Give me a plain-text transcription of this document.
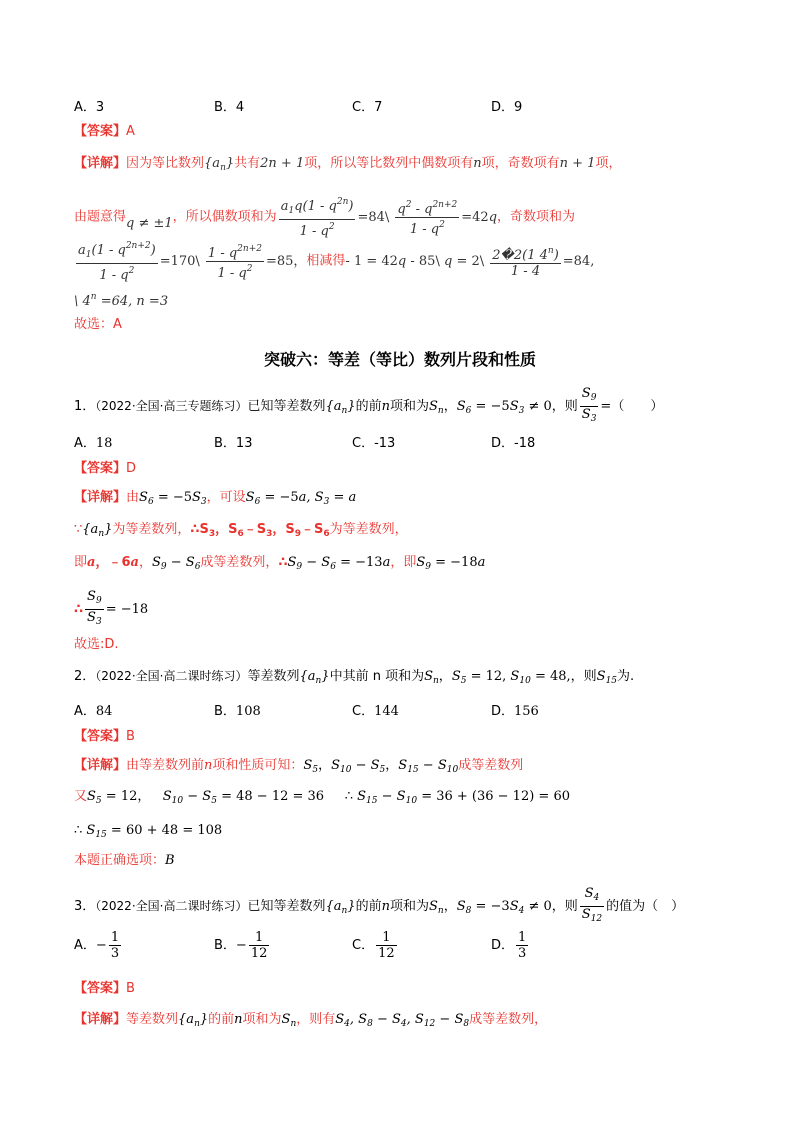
A．3	B．4	C．7	D．9
【答案】A
【详解】因为等比数列$\{a_n\}$共有2n + 1项，所以等比数列中偶数项有n项，奇数项有n + 1项，
由题意得q ≠ ±1，所以偶数项和为 $\frac{a_1q(1 - q^{2n})}{1 - q^2}$ =84\ $\frac{q^2 - q^{2n+2}}{1 - q^2} =42q$，奇数项和为
$\frac{a_1(1 - q^{2n+2})}{1 - q^2}$ =170\ $\frac{1 - q^{2n+2}}{1 - q^2} =85$，相减得- 1 = 42q - 85\ q = 2\ $\frac{2�2(1 4^n)}{1 - 4} =84$,
\ $4^n =64$, n =3
故选：A
突破六：等差（等比）数列片段和性质
1．（2022·全国·高三专题练习）已知等差数列$\{a_n\}$的前n项和为$S_n$，$S_6 = -5S_3 \ne 0$，则 $\frac{S_9}{S_3}$ =（　　）
A．18	B．13	C．-13	D．-18
【答案】D
【详解】由$S_6 = -5S_3$，可设$S_6 = -5a$, $S_3 = a$
$\because\{a_n\}$为等差数列，$\therefore S_3$，$S_6﹣S_3$，$S_9﹣S_6$为等差数列，
即a，﹣6a，$S_9 - S_6$成等差数列，$\therefore S_9 - S_6 = -13a$，即$S_9 = -18a$
∴ $\frac{S_9}{S_3} = -18$
故选:D.
2．（2022·全国·高二课时练习）等差数列$\{a_n\}$中其前 n 项和为$S_n$，$S_5 = 12$, $S_{10} = 48$,，则$S_{15}$为.
A．84	B．108	C．144	D．156
【答案】B
【详解】由等差数列前n项和性质可知：$S_5$，$S_{10} - S_5$，$S_{15} - S_{10}$成等差数列
又$S_5 = 12$，   $S_{10} - S_5 = 48 - 12 = 36$     ∴ $S_{15} - S_{10} = 36 + (36 - 12) = 60$
∴ $S_{15} = 60 + 48 = 108$
本题正确选项：B
3．（2022·全国·高二课时练习）已知等差数列$\{a_n\}$的前n项和为$S_n$，$S_8 = -3S_4 \ne 0$，则 $\frac{S_4}{S_{12}}$ 的值为（　）
A．− $\frac{1}{3}$	B．− $\frac{1}{12}$	C． $\frac{1}{12}$	D． $\frac{1}{3}$
【答案】B
【详解】等差数列$\{a_n\}$的前n项和为$S_n$，则有$S_4$, $S_8 - S_4$, $S_{12} - S_8$成等差数列，
